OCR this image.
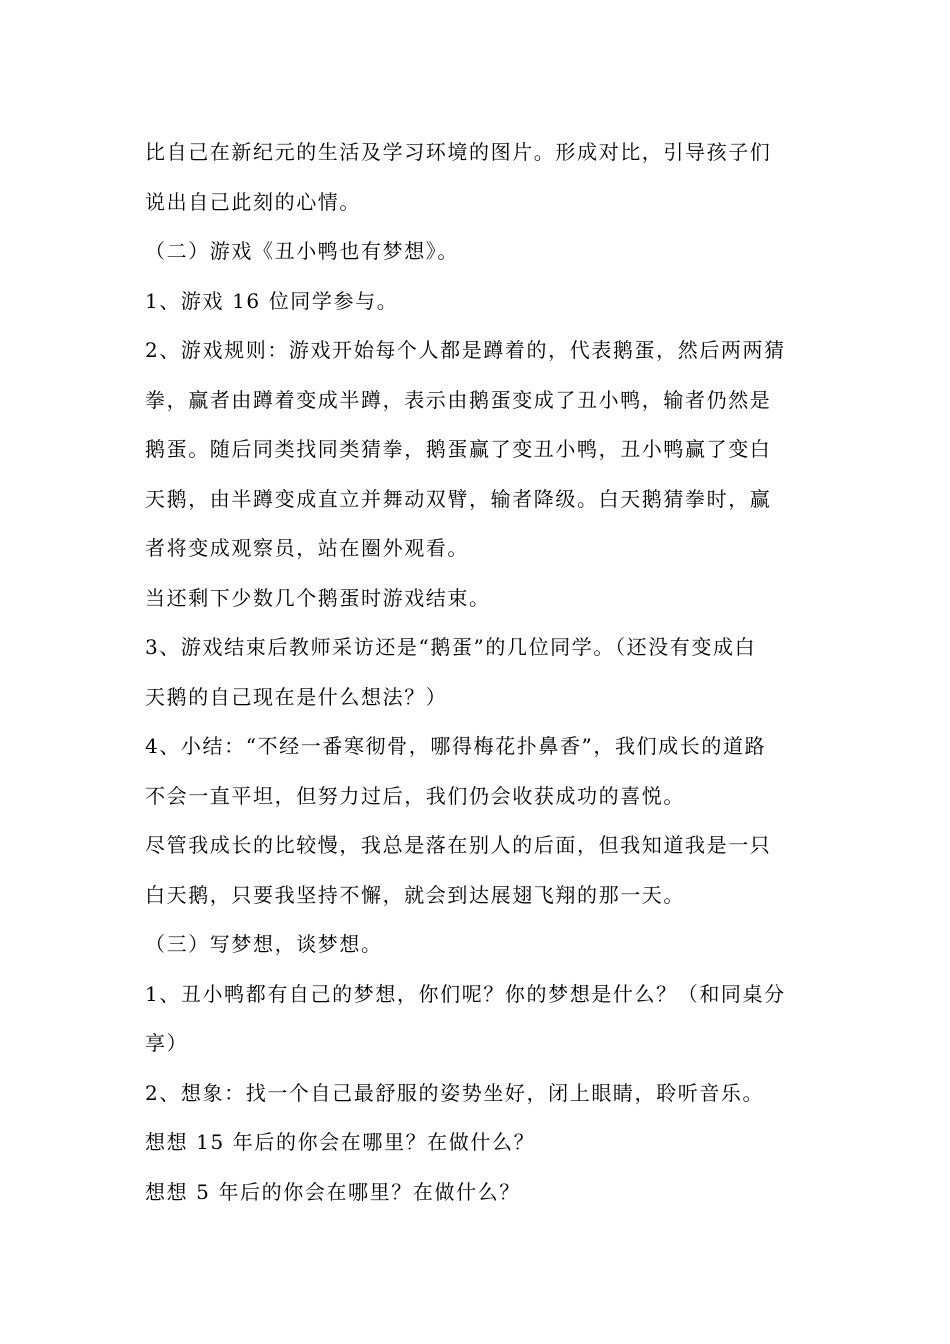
比自己在新纪元的生活及学习环境的图片。形成对比，引导孩子们
说出自己此刻的心情。
（二）游戏《丑小鸭也有梦想》。
1、游戏 16 位同学参与。
2、游戏规则：游戏开始每个人都是蹲着的，代表鹅蛋，然后两两猜
拳，赢者由蹲着变成半蹲，表示由鹅蛋变成了丑小鸭，输者仍然是
鹅蛋。随后同类找同类猜拳，鹅蛋赢了变丑小鸭，丑小鸭赢了变白
天鹅，由半蹲变成直立并舞动双臂，输者降级。白天鹅猜拳时，赢
者将变成观察员，站在圈外观看。
当还剩下少数几个鹅蛋时游戏结束。
3、游戏结束后教师采访还是“鹅蛋”的几位同学。（还没有变成白
天鹅的自己现在是什么想法？）
4、小结：“不经一番寒彻骨，哪得梅花扑鼻香”，我们成长的道路
不会一直平坦，但努力过后，我们仍会收获成功的喜悦。
尽管我成长的比较慢，我总是落在别人的后面，但我知道我是一只
白天鹅，只要我坚持不懈，就会到达展翅飞翔的那一天。
（三）写梦想，谈梦想。
1、丑小鸭都有自己的梦想，你们呢？你的梦想是什么？（和同桌分
享）
2、想象：找一个自己最舒服的姿势坐好，闭上眼睛，聆听音乐。
想想 15 年后的你会在哪里？在做什么？
想想 5 年后的你会在哪里？在做什么？
